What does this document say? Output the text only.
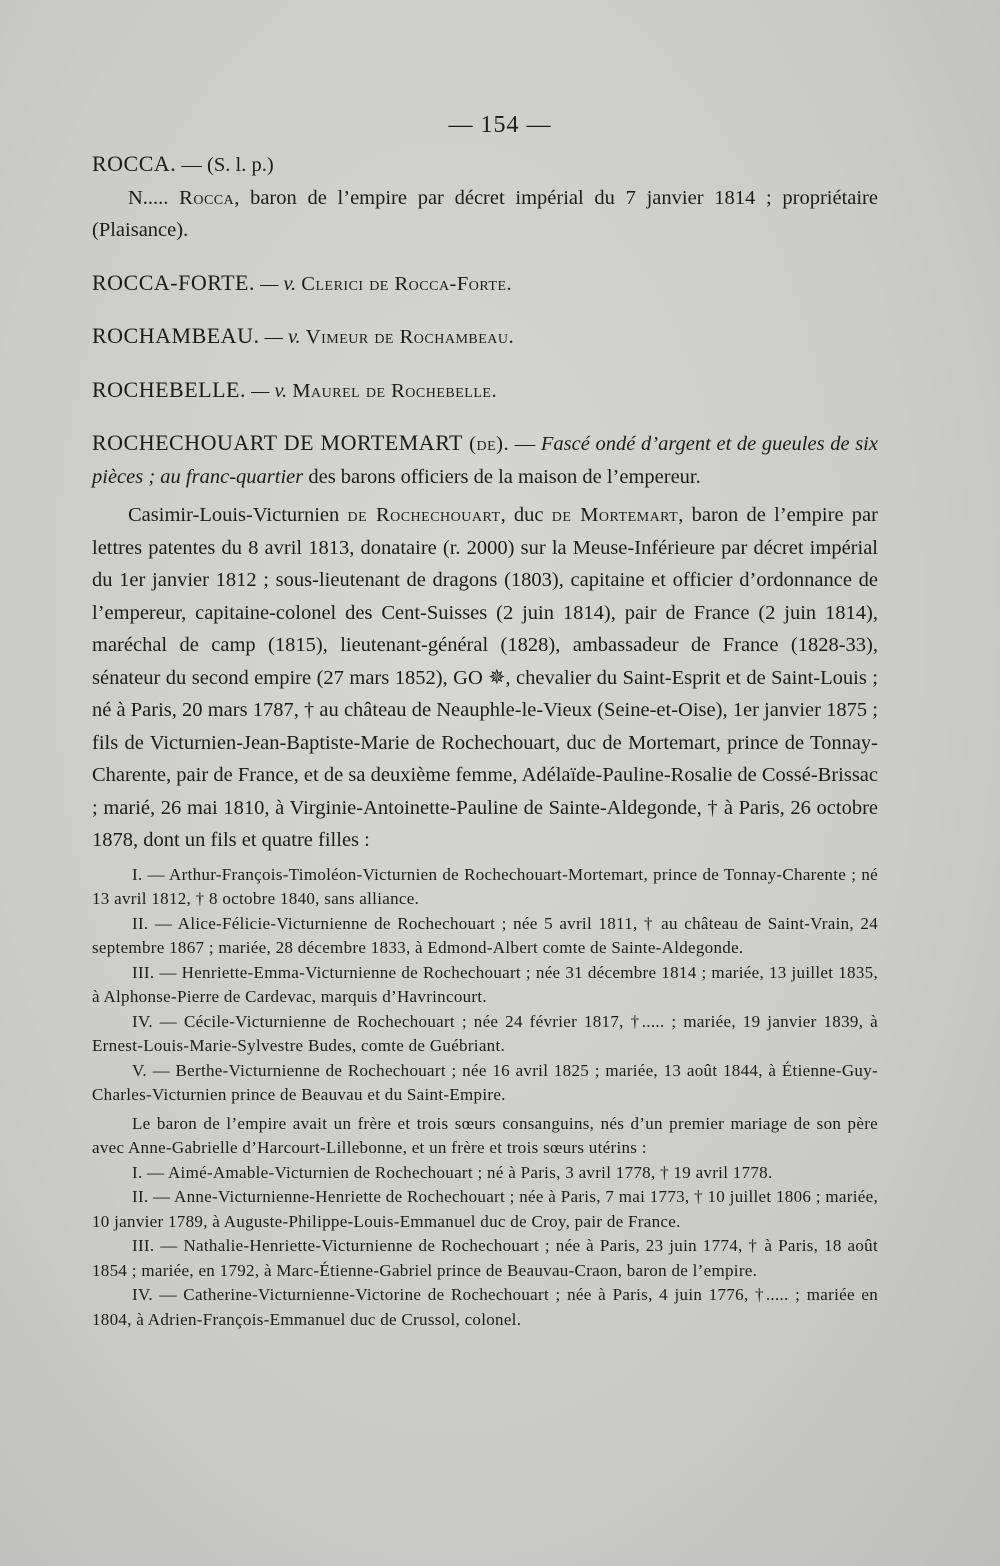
— 154 —

ROCCA. — (S. l. p.)

N..... Rocca, baron de l’empire par décret impérial du 7 janvier 1814 ; propriétaire (Plaisance).

ROCCA-FORTE. — v. Clerici de Rocca-Forte.

ROCHAMBEAU. — v. Vimeur de Rochambeau.

ROCHEBELLE. — v. Maurel de Rochebelle.

ROCHECHOUART DE MORTEMART (de). — Fascé ondé d’argent et de gueules de six pièces ; au franc-quartier des barons officiers de la maison de l’empereur.

Casimir-Louis-Victurnien de Rochechouart, duc de Mortemart, baron de l’empire par lettres patentes du 8 avril 1813, donataire (r. 2000) sur la Meuse-Inférieure par décret impérial du 1er janvier 1812 ; sous-lieutenant de dragons (1803), capitaine et officier d’ordonnance de l’empereur, capitaine-colonel des Cent-Suisses (2 juin 1814), pair de France (2 juin 1814), maréchal de camp (1815), lieutenant-général (1828), ambassadeur de France (1828-33), sénateur du second empire (27 mars 1852), GO ✵, chevalier du Saint-Esprit et de Saint-Louis ; né à Paris, 20 mars 1787, † au château de Neauphle-le-Vieux (Seine-et-Oise), 1er janvier 1875 ; fils de Victurnien-Jean-Baptiste-Marie de Rochechouart, duc de Mortemart, prince de Tonnay-Charente, pair de France, et de sa deuxième femme, Adélaïde-Pauline-Rosalie de Cossé-Brissac ; marié, 26 mai 1810, à Virginie-Antoinette-Pauline de Sainte-Aldegonde, † à Paris, 26 octobre 1878, dont un fils et quatre filles :

I. — Arthur-François-Timoléon-Victurnien de Rochechouart-Mortemart, prince de Tonnay-Charente ; né 13 avril 1812, † 8 octobre 1840, sans alliance.

II. — Alice-Félicie-Victurnienne de Rochechouart ; née 5 avril 1811, † au château de Saint-Vrain, 24 septembre 1867 ; mariée, 28 décembre 1833, à Edmond-Albert comte de Sainte-Aldegonde.

III. — Henriette-Emma-Victurnienne de Rochechouart ; née 31 décembre 1814 ; mariée, 13 juillet 1835, à Alphonse-Pierre de Cardevac, marquis d’Havrincourt.

IV. — Cécile-Victurnienne de Rochechouart ; née 24 février 1817, †..... ; mariée, 19 janvier 1839, à Ernest-Louis-Marie-Sylvestre Budes, comte de Guébriant.

V. — Berthe-Victurnienne de Rochechouart ; née 16 avril 1825 ; mariée, 13 août 1844, à Étienne-Guy-Charles-Victurnien prince de Beauvau et du Saint-Empire.

Le baron de l’empire avait un frère et trois sœurs consanguins, nés d’un premier mariage de son père avec Anne-Gabrielle d’Harcourt-Lillebonne, et un frère et trois sœurs utérins :

I. — Aimé-Amable-Victurnien de Rochechouart ; né à Paris, 3 avril 1778, † 19 avril 1778.

II. — Anne-Victurnienne-Henriette de Rochechouart ; née à Paris, 7 mai 1773, † 10 juillet 1806 ; mariée, 10 janvier 1789, à Auguste-Philippe-Louis-Emmanuel duc de Croy, pair de France.

III. — Nathalie-Henriette-Victurnienne de Rochechouart ; née à Paris, 23 juin 1774, † à Paris, 18 août 1854 ; mariée, en 1792, à Marc-Étienne-Gabriel prince de Beauvau-Craon, baron de l’empire.

IV. — Catherine-Victurnienne-Victorine de Rochechouart ; née à Paris, 4 juin 1776, †..... ; mariée en 1804, à Adrien-François-Emmanuel duc de Crussol, colonel.
